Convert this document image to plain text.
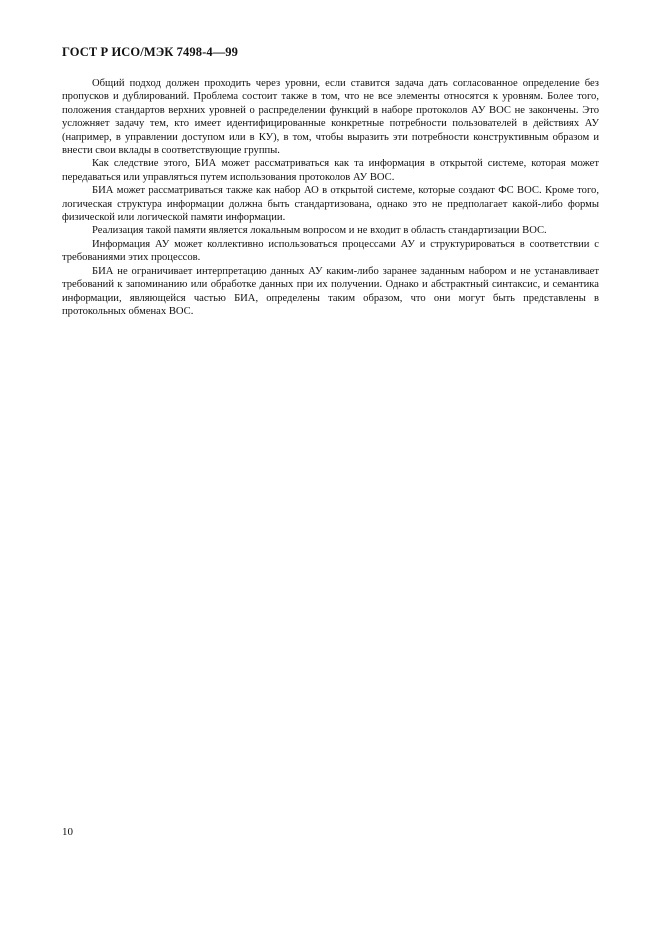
ГОСТ Р ИСО/МЭК 7498-4—99

Общий подход должен проходить через уровни, если ставится задача дать согласованное определение без пропусков и дублирований. Проблема состоит также в том, что не все элементы относятся к уровням. Более того, положения стандартов верхних уровней о распределении функций в наборе протоколов АУ ВОС не закончены. Это усложняет задачу тем, кто имеет идентифицированные конкретные потребности пользователей в действиях АУ (например, в управлении доступом или в КУ), в том, чтобы выразить эти потребности конструктивным образом и внести свои вклады в соответствующие группы.

Как следствие этого, БИА может рассматриваться как та информация в открытой системе, которая может передаваться или управляться путем использования протоколов АУ ВОС.

БИА может рассматриваться также как набор АО в открытой системе, которые создают ФС ВОС. Кроме того, логическая структура информации должна быть стандартизована, однако это не предполагает какой-либо формы физической или логической памяти информации.

Реализация такой памяти является локальным вопросом и не входит в область стандартизации ВОС.

Информация АУ может коллективно использоваться процессами АУ и структурироваться в соответствии с требованиями этих процессов.

БИА не ограничивает интерпретацию данных АУ каким-либо заранее заданным набором и не устанавливает требований к запоминанию или обработке данных при их получении. Однако и абстрактный синтаксис, и семантика информации, являющейся частью БИА, определены таким образом, что они могут быть представлены в протокольных обменах ВОС.

10
